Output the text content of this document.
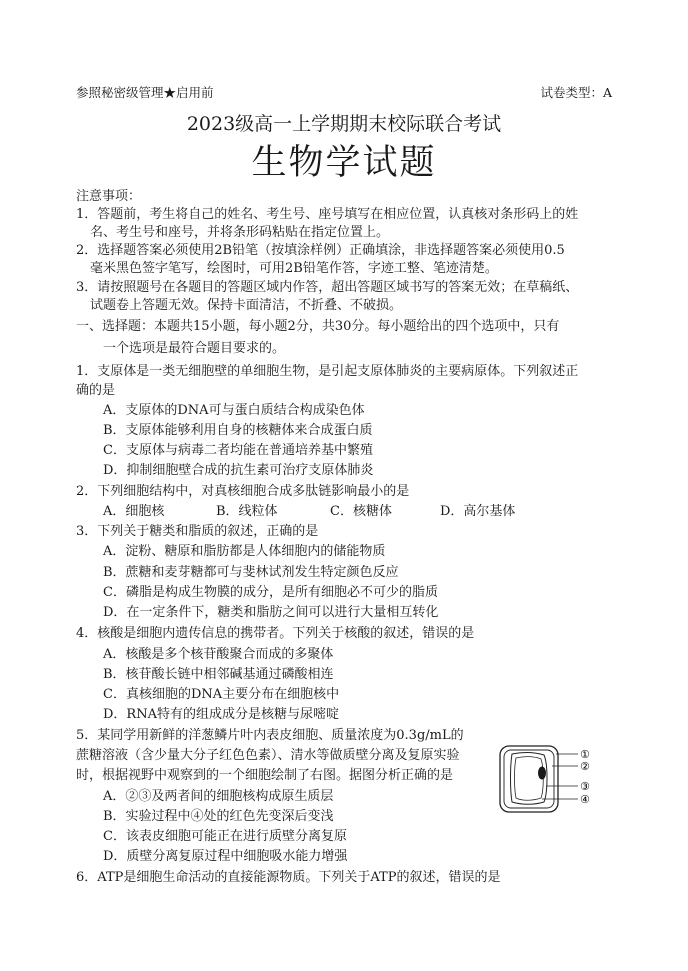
参照秘密级管理★启用前	试卷类型：A
2023级高一上学期期末校际联合考试
生物学试题
注意事项：
1．答题前，考生将自己的姓名、考生号、座号填写在相应位置，认真核对条形码上的姓
名、考生号和座号，并将条形码粘贴在指定位置上。
2．选择题答案必须使用2B铅笔（按填涂样例）正确填涂，非选择题答案必须使用0.5
毫米黑色签字笔写，绘图时，可用2B铅笔作答，字迹工整、笔迹清楚。
3．请按照题号在各题目的答题区域内作答，超出答题区域书写的答案无效；在草稿纸、
试题卷上答题无效。保持卡面清洁，不折叠、不破损。
一、选择题：本题共15小题，每小题2分，共30分。每小题给出的四个选项中，只有
一个选项是最符合题目要求的。
1．支原体是一类无细胞壁的单细胞生物，是引起支原体肺炎的主要病原体。下列叙述正
确的是
A．支原体的DNA可与蛋白质结合构成染色体
B．支原体能够利用自身的核糖体来合成蛋白质
C．支原体与病毒二者均能在普通培养基中繁殖
D．抑制细胞壁合成的抗生素可治疗支原体肺炎
2．下列细胞结构中，对真核细胞合成多肽链影响最小的是
A．细胞核	B．线粒体	C．核糖体	D．高尔基体
3．下列关于糖类和脂质的叙述，正确的是
A．淀粉、糖原和脂肪都是人体细胞内的储能物质
B．蔗糖和麦芽糖都可与斐林试剂发生特定颜色反应
C．磷脂是构成生物膜的成分，是所有细胞必不可少的脂质
D．在一定条件下，糖类和脂肪之间可以进行大量相互转化
4．核酸是细胞内遗传信息的携带者。下列关于核酸的叙述，错误的是
A．核酸是多个核苷酸聚合而成的多聚体
B．核苷酸长链中相邻碱基通过磷酸相连
C．真核细胞的DNA主要分布在细胞核中
D．RNA特有的组成成分是核糖与尿嘧啶
5．某同学用新鲜的洋葱鳞片叶内表皮细胞、质量浓度为0.3g/mL的
蔗糖溶液（含少量大分子红色色素）、清水等做质壁分离及复原实验
时，根据视野中观察到的一个细胞绘制了右图。据图分析正确的是
A．②③及两者间的细胞核构成原生质层
B．实验过程中④处的红色先变深后变浅
C．该表皮细胞可能正在进行质壁分离复原
D．质壁分离复原过程中细胞吸水能力增强
①
②
③
④
6．ATP是细胞生命活动的直接能源物质。下列关于ATP的叙述，错误的是
